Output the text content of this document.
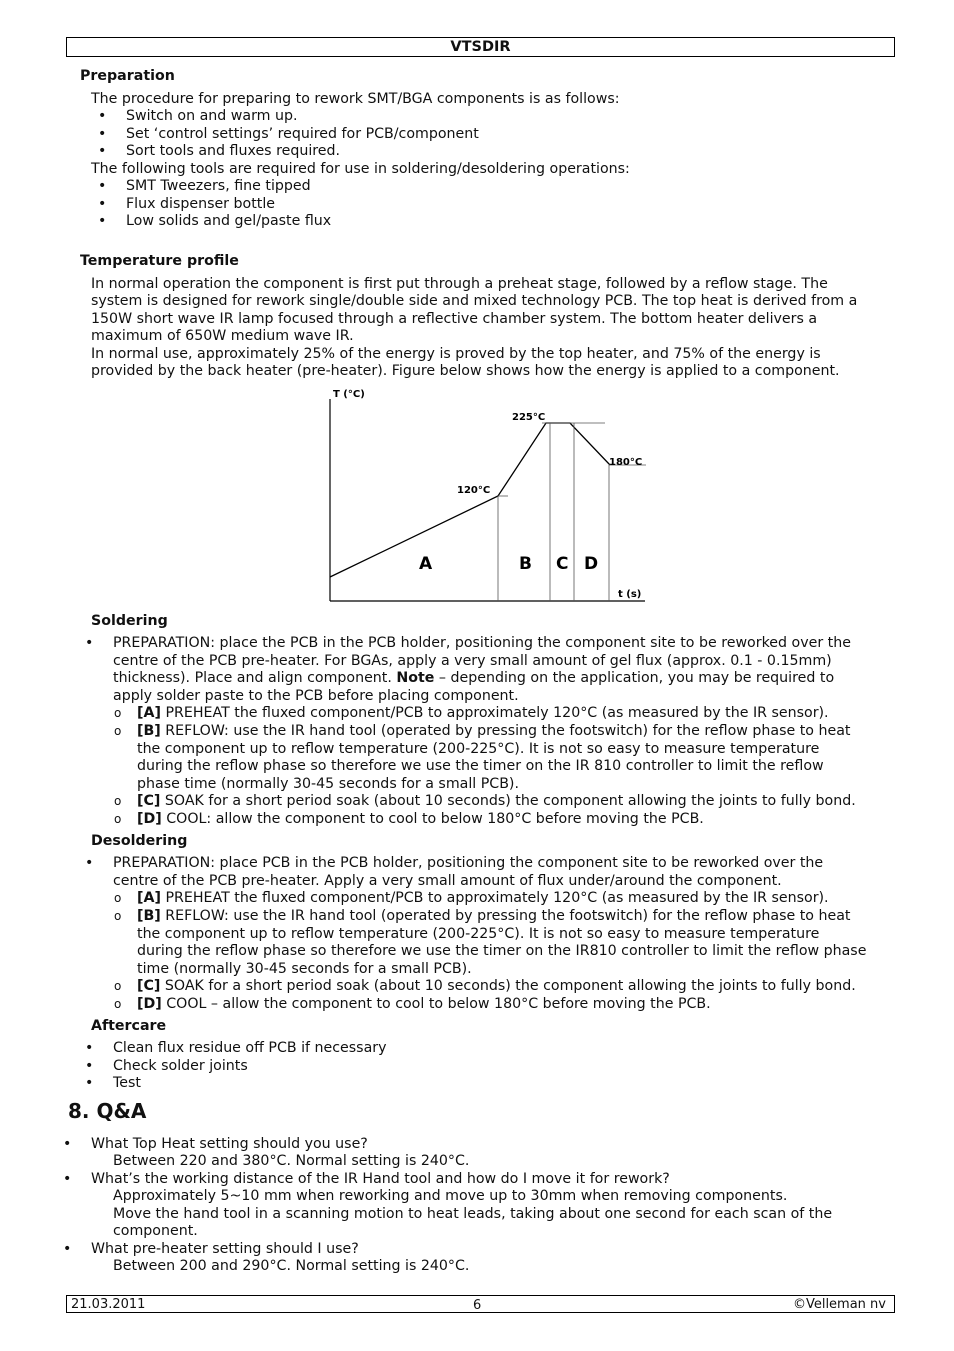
VTSDIR
Preparation
The procedure for preparing to rework SMT/BGA components is as follows:
• Switch on and warm up.
• Set ‘control settings’ required for PCB/component
• Sort tools and fluxes required.
The following tools are required for use in soldering/desoldering operations:
• SMT Tweezers, fine tipped
• Flux dispenser bottle
• Low solids and gel/paste flux
Temperature profile
In normal operation the component is first put through a preheat stage, followed by a reflow stage. The
system is designed for rework single/double side and mixed technology PCB. The top heat is derived from a
150W short wave IR lamp focused through a reflective chamber system. The bottom heater delivers a
maximum of 650W medium wave IR.
In normal use, approximately 25% of the energy is proved by the top heater, and 75% of the energy is
provided by the back heater (pre-heater). Figure below shows how the energy is applied to a component.
T (°C)
t (s)
120°C
225°C
180°C
A	B C D
Soldering
• PREPARATION: place the PCB in the PCB holder, positioning the component site to be reworked over the
centre of the PCB pre-heater. For BGAs, apply a very small amount of gel flux (approx. 0.1 - 0.15mm)
thickness). Place and align component. Note – depending on the application, you may be required to
apply solder paste to the PCB before placing component.
o [A] PREHEAT the fluxed component/PCB to approximately 120°C (as measured by the IR sensor).
o [B] REFLOW: use the IR hand tool (operated by pressing the footswitch) for the reflow phase to heat
the component up to reflow temperature (200-225°C). It is not so easy to measure temperature
during the reflow phase so therefore we use the timer on the IR 810 controller to limit the reflow
phase time (normally 30-45 seconds for a small PCB).
o [C] SOAK for a short period soak (about 10 seconds) the component allowing the joints to fully bond.
o [D] COOL: allow the component to cool to below 180°C before moving the PCB.
Desoldering
• PREPARATION: place PCB in the PCB holder, positioning the component site to be reworked over the
centre of the PCB pre-heater. Apply a very small amount of flux under/around the component.
o [A] PREHEAT the fluxed component/PCB to approximately 120°C (as measured by the IR sensor).
o [B] REFLOW: use the IR hand tool (operated by pressing the footswitch) for the reflow phase to heat
the component up to reflow temperature (200-225°C). It is not so easy to measure temperature
during the reflow phase so therefore we use the timer on the IR810 controller to limit the reflow phase
time (normally 30-45 seconds for a small PCB).
o [C] SOAK for a short period soak (about 10 seconds) the component allowing the joints to fully bond.
o [D] COOL – allow the component to cool to below 180°C before moving the PCB.
Aftercare
• Clean flux residue off PCB if necessary
• Check solder joints
• Test
8. Q&A
• What Top Heat setting should you use?
Between 220 and 380°C. Normal setting is 240°C.
• What’s the working distance of the IR Hand tool and how do I move it for rework?
Approximately 5~10 mm when reworking and move up to 30mm when removing components.
Move the hand tool in a scanning motion to heat leads, taking about one second for each scan of the
component.
• What pre-heater setting should I use?
Between 200 and 290°C. Normal setting is 240°C.
21.03.2011	6	©Velleman nv
